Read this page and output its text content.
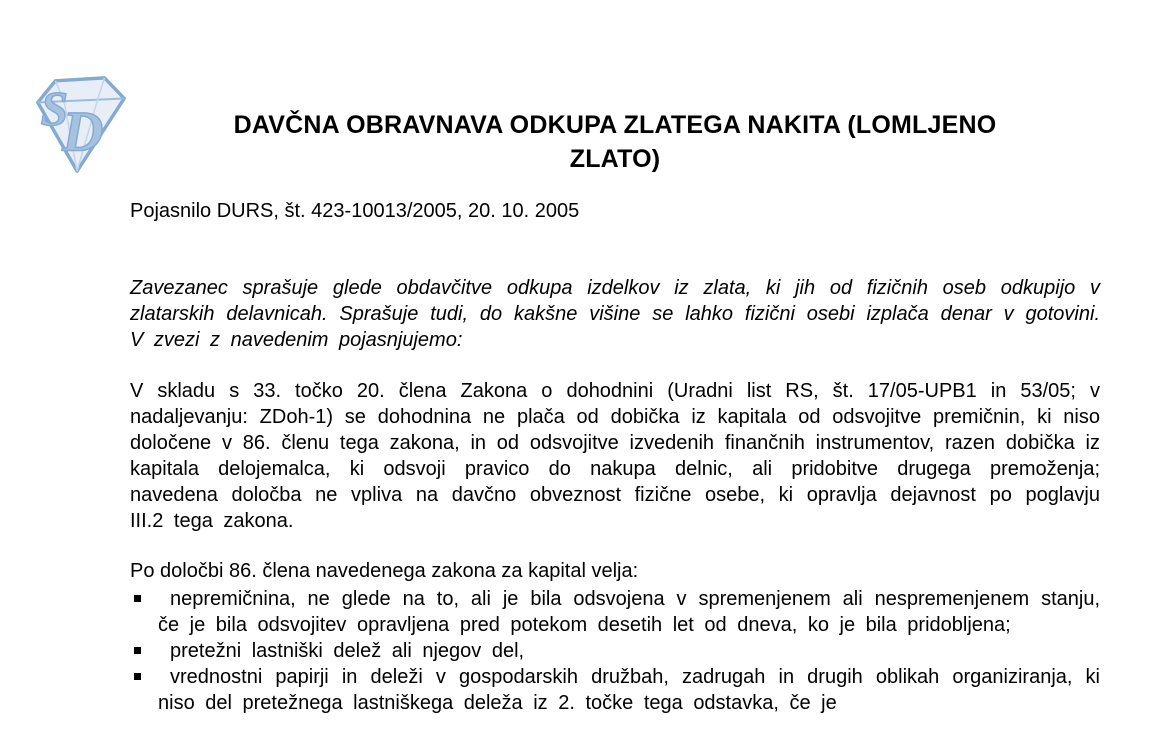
S
D	DAVČNA OBRAVNAVA ODKUPA ZLATEGA NAKITA (LOMLJENO
ZLATO)

Pojasnilo DURS, št. 423-10013/2005, 20. 10. 2005

Zavezanec sprašuje glede obdavčitve odkupa izdelkov iz zlata, ki jih od fizičnih oseb odkupijo v zlatarskih delavnicah. Sprašuje tudi, do kakšne višine se lahko fizični osebi izplača denar v gotovini. V zvezi z navedenim pojasnjujemo:

V skladu s 33. točko 20. člena Zakona o dohodnini (Uradni list RS, št. 17/05-UPB1 in 53/05; v nadaljevanju: ZDoh-1) se dohodnina ne plača od dobička iz kapitala od odsvojitve premičnin, ki niso določene v 86. členu tega zakona, in od odsvojitve izvedenih finančnih instrumentov, razen dobička iz kapitala delojemalca, ki odsvoji pravico do nakupa delnic, ali pridobitve drugega premoženja; navedena določba ne vpliva na davčno obveznost fizične osebe, ki opravlja dejavnost po poglavju III.2 tega zakona.

Po določbi 86. člena navedenega zakona za kapital velja:

nepremičnina, ne glede na to, ali je bila odsvojena v spremenjenem ali nespremenjenem stanju, če je bila odsvojitev opravljena pred potekom desetih let od dneva, ko je bila pridobljena;
pretežni lastniški delež ali njegov del,
vrednostni papirji in deleži v gospodarskih družbah, zadrugah in drugih oblikah organiziranja, ki niso del pretežnega lastniškega deleža iz 2. točke tega odstavka, če je
